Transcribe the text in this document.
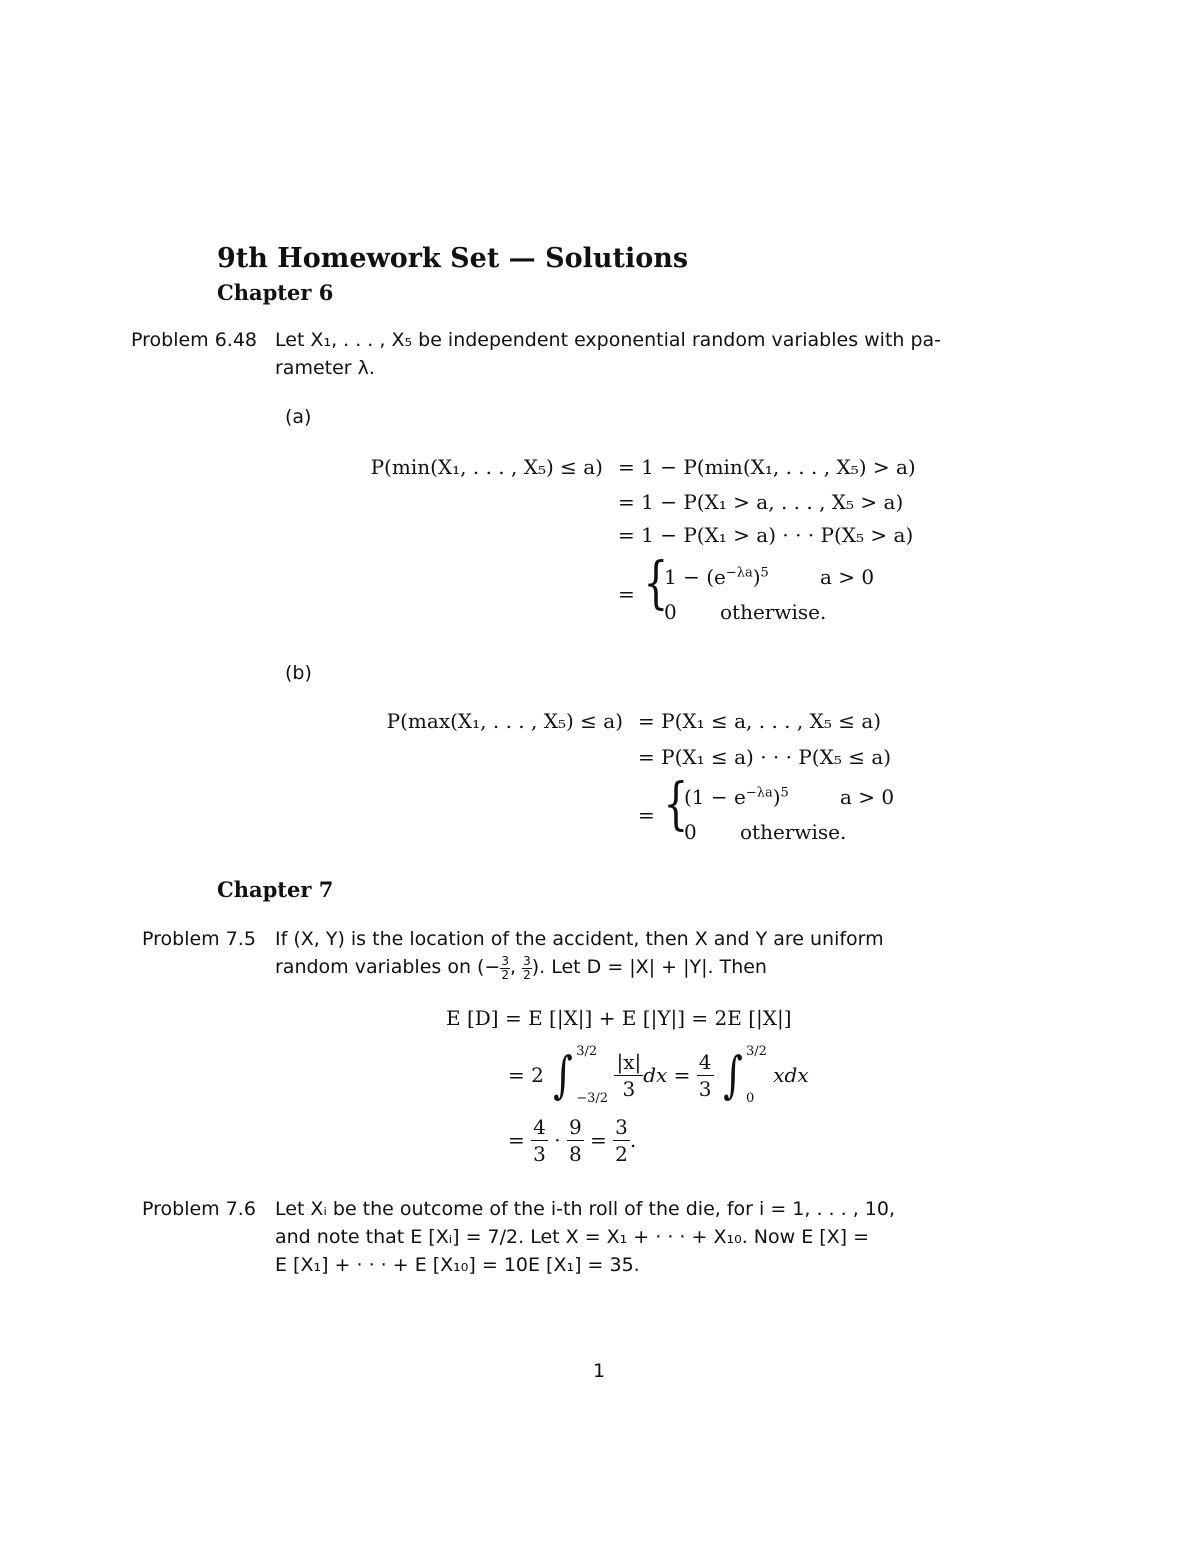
9th Homework Set — Solutions
Chapter 6
Problem 6.48 Let X₁, . . . , X₅ be independent exponential random variables with pa-
rameter λ.
(a)
P(min(X₁, . . . , X₅) ≤ a) = 1 − P(min(X₁, . . . , X₅) > a)
= 1 − P(X₁ > a, . . . , X₅ > a)
= 1 − P(X₁ > a) · · · P(X₅ > a)
= {
$1 - (e^{-\lambda a})^5$	a > 0
0 otherwise.
(b)
P(max(X₁, . . . , X₅) ≤ a) = P(X₁ ≤ a, . . . , X₅ ≤ a)
= P(X₁ ≤ a) · · · P(X₅ ≤ a)
= {
$(1 - e^{-\lambda a})^5$	a > 0
0 otherwise.
Chapter 7
Problem 7.5 If (X, Y) is the location of the accident, then X and Y are uniform
random variables on (− $\frac{3}{2}$ , $\frac{3}{2}$ ). Let D = |X| + |Y|. Then
E [D] = E [|X|] + E [|Y|] = 2E [|X|]
= 2 ∫ 3/2
−3/2
$\frac{|x|}{3}$ dx = $\frac{4}{3}$
∫ 3/2
0

xdx
= $\frac{4}{3} \cdot \frac{9}{8} = \frac{3}{2}$ .
Problem 7.6 Let Xᵢ be the outcome of the i-th roll of the die, for i = 1, . . . , 10,
and note that E [Xᵢ] = 7/2. Let X = X₁ + · · · + X₁₀. Now E [X] =
E [X₁] + · · · + E [X₁₀] = 10E [X₁] = 35.
1
